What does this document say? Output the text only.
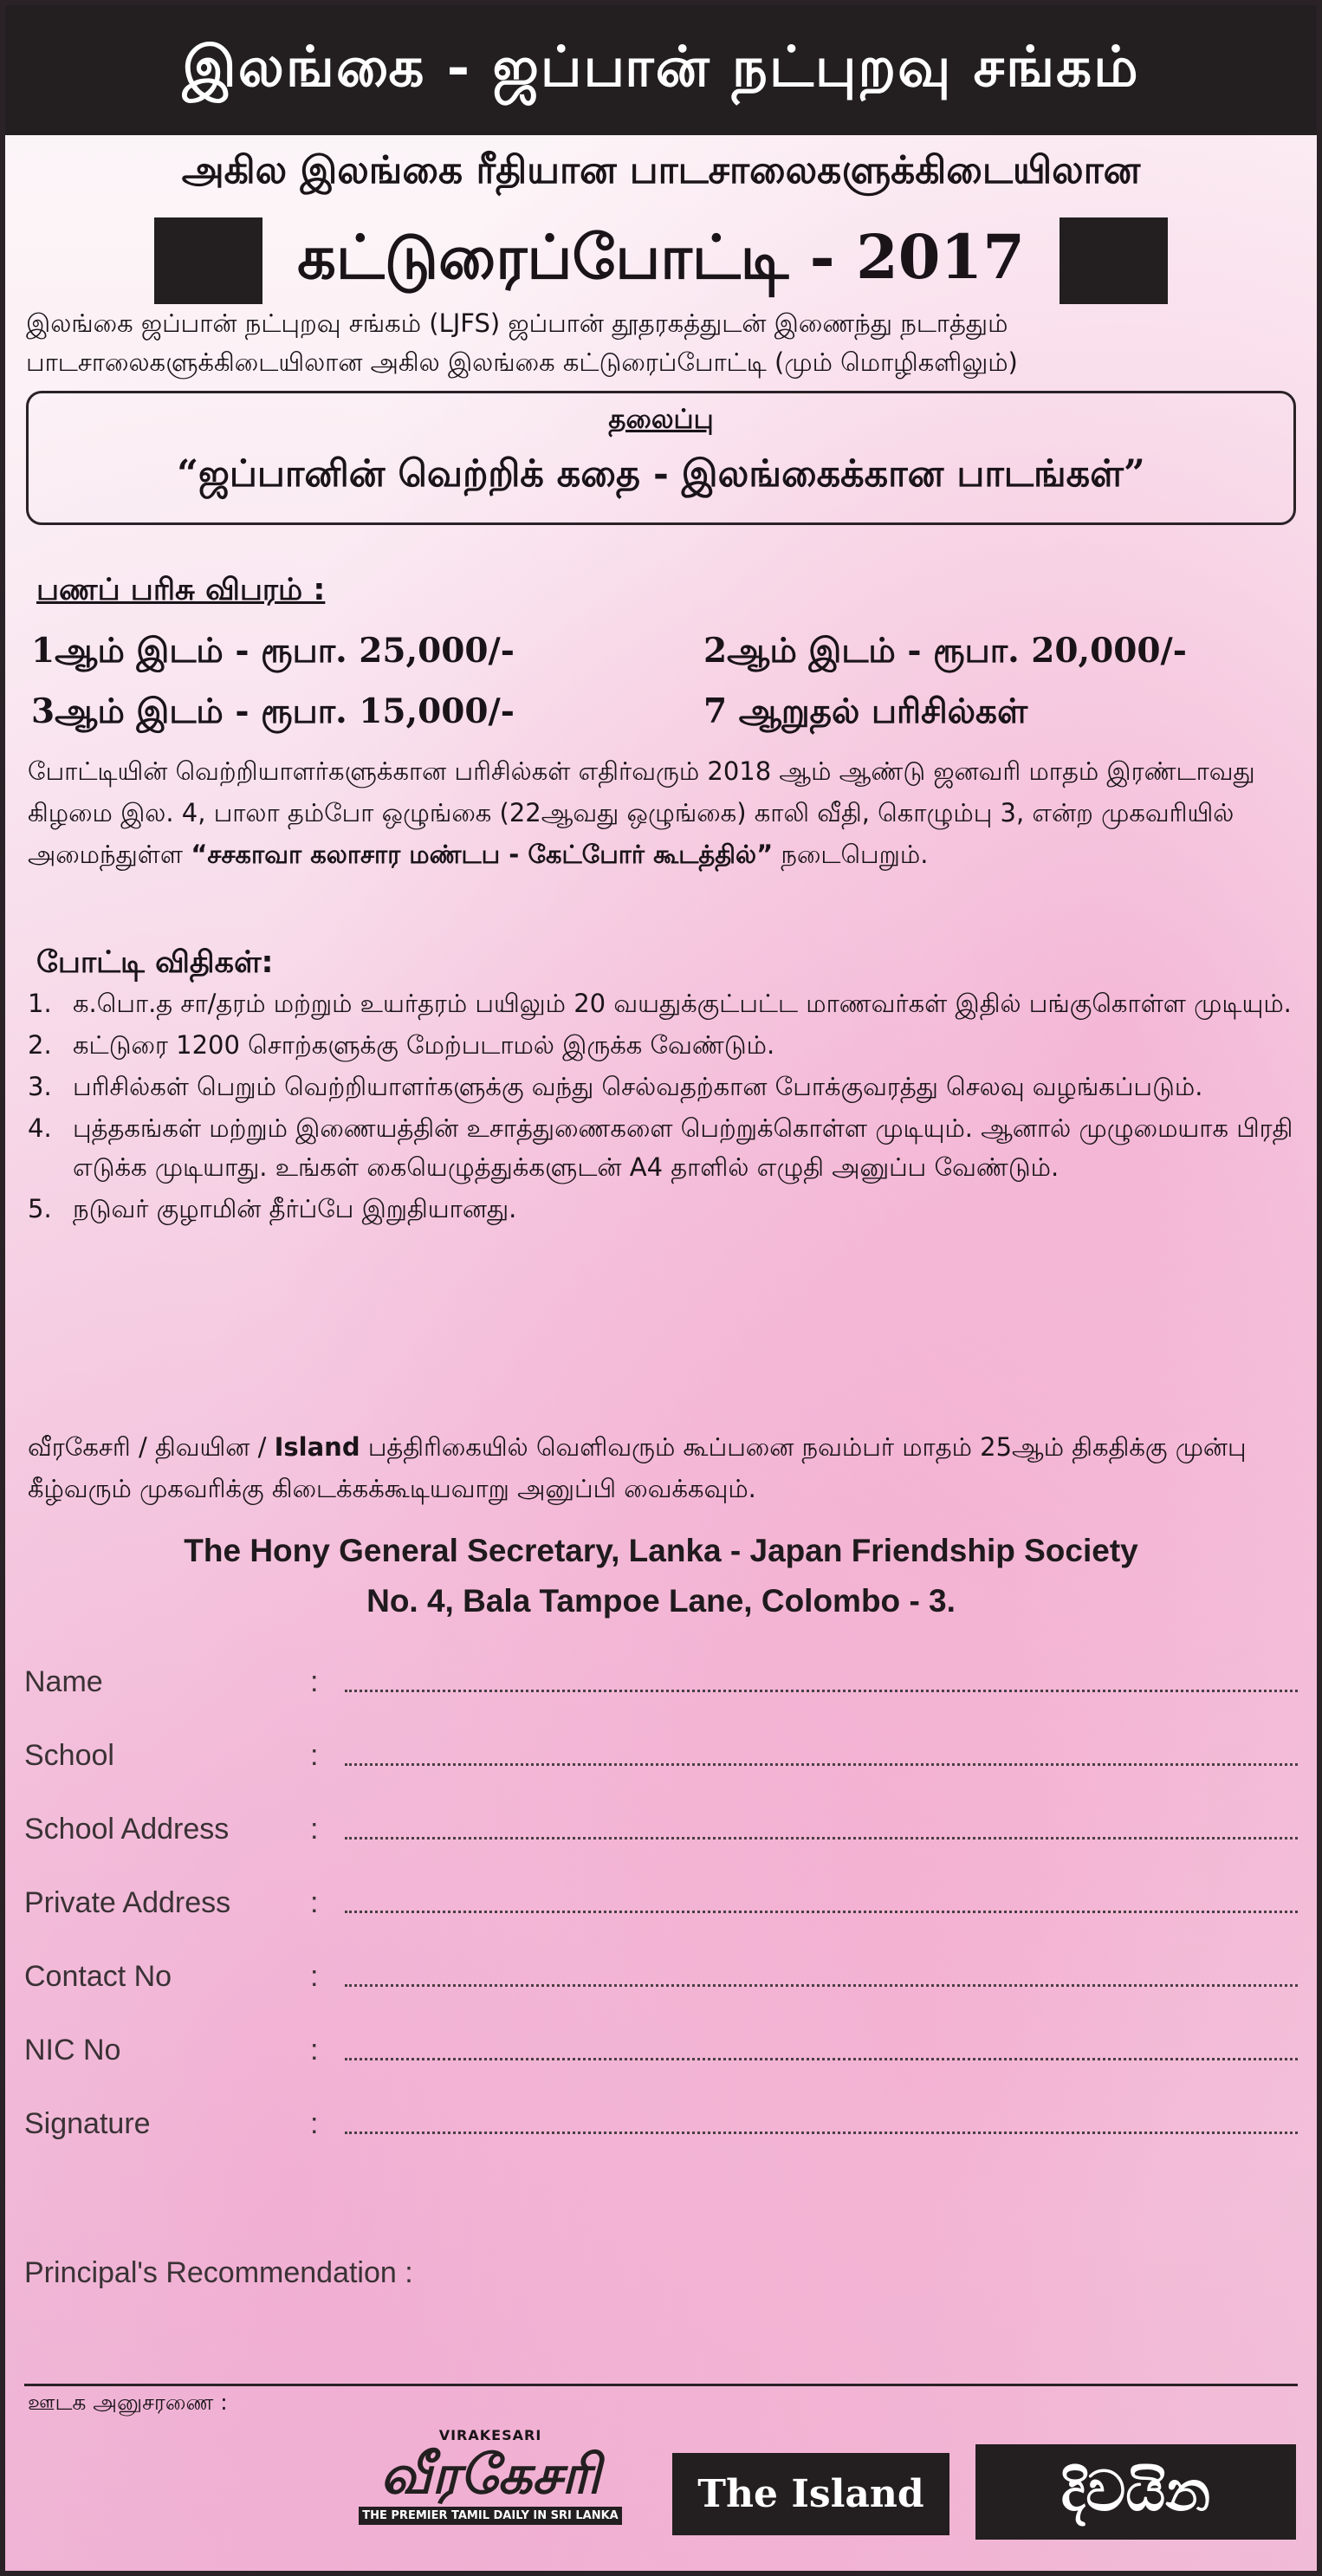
இலங்கை - ஜப்பான் நட்புறவு சங்கம்
அகில இலங்கை ரீதியான பாடசாலைகளுக்கிடையிலான
கட்டுரைப்போட்டி - 2017
இலங்கை ஜப்பான் நட்புறவு சங்கம் (LJFS) ஜப்பான் தூதரகத்துடன் இணைந்து நடாத்தும்
பாடசாலைகளுக்கிடையிலான அகில இலங்கை கட்டுரைப்போட்டி (மும் மொழிகளிலும்)
தலைப்பு
“ஜப்பானின் வெற்றிக் கதை - இலங்கைக்கான பாடங்கள்”
பணப் பரிசு விபரம் :
1ஆம் இடம் - ரூபா. 25,000/-	2ஆம் இடம் - ரூபா. 20,000/-
3ஆம் இடம் - ரூபா. 15,000/-	7 ஆறுதல் பரிசில்கள்
போட்டியின் வெற்றியாளர்களுக்கான பரிசில்கள் எதிர்வரும் 2018 ஆம் ஆண்டு ஜனவரி மாதம் இரண்டாவது கிழமை இல. 4, பாலா தம்போ ஒழுங்கை (22ஆவது ஒழுங்கை) காலி வீதி, கொழும்பு 3, என்ற முகவரியில் அமைந்துள்ள “சசகாவா கலாசார மண்டப - கேட்போர் கூடத்தில்” நடைபெறும்.
போட்டி விதிகள்:
1. க.பொ.த சா/தரம் மற்றும் உயர்தரம் பயிலும் 20 வயதுக்குட்பட்ட மாணவர்கள் இதில் பங்குகொள்ள முடியும்.
2. கட்டுரை 1200 சொற்களுக்கு மேற்படாமல் இருக்க வேண்டும்.
3. பரிசில்கள் பெறும் வெற்றியாளர்களுக்கு வந்து செல்வதற்கான போக்குவரத்து செலவு வழங்கப்படும்.
4. புத்தகங்கள் மற்றும் இணையத்தின் உசாத்துணைகளை பெற்றுக்கொள்ள முடியும். ஆனால் முழுமையாக பிரதி எடுக்க முடியாது. உங்கள் கையெழுத்துக்களுடன் A4 தாளில் எழுதி அனுப்ப வேண்டும்.
5. நடுவர் குழாமின் தீர்ப்பே இறுதியானது.
வீரகேசரி / திவயின / Island பத்திரிகையில் வெளிவரும் கூப்பனை நவம்பர் மாதம் 25ஆம் திகதிக்கு முன்பு கீழ்வரும் முகவரிக்கு கிடைக்கக்கூடியவாறு அனுப்பி வைக்கவும்.
The Hony General Secretary, Lanka - Japan Friendship Society
No. 4, Bala Tampoe Lane, Colombo - 3.
Name	:
School	:
School Address	:
Private Address	:
Contact No	:
NIC No	:
Signature	:
Principal's Recommendation :
ஊடக அனுசரணை :
VIRAKESARI
வீரகேசரி
THE PREMIER TAMIL DAILY IN SRI LANKA	The Island	දිවයින
